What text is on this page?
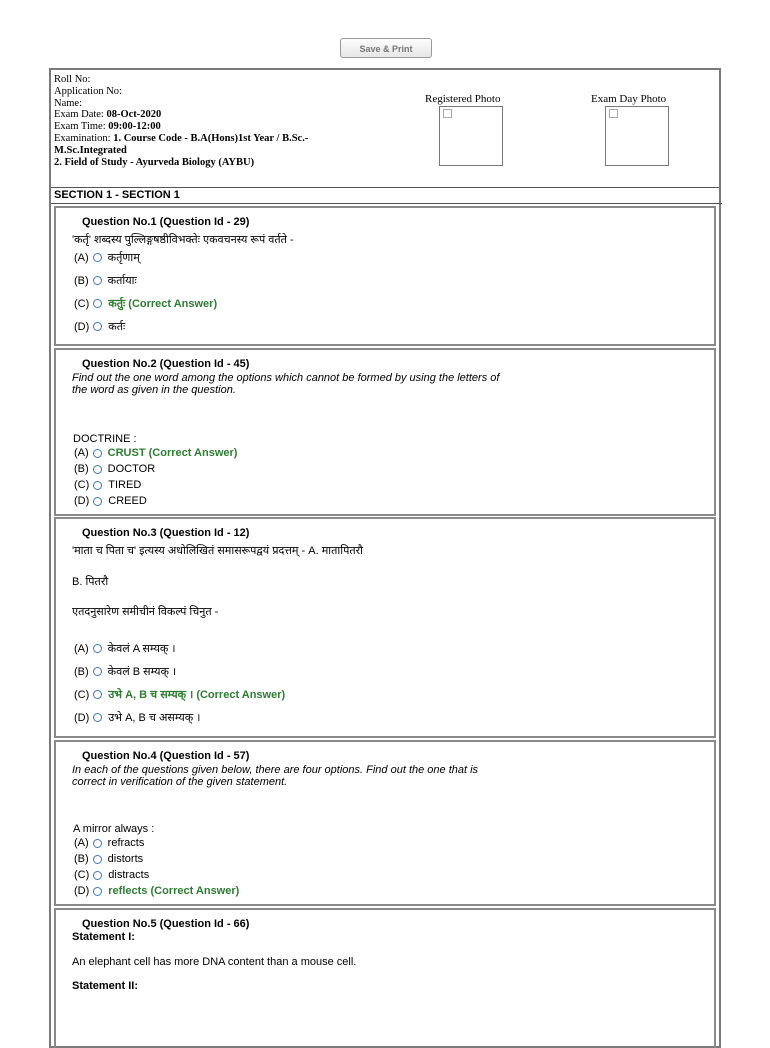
Save & Print
Roll No:
Application No:
Name:
Exam Date: 08-Oct-2020
Exam Time: 09:00-12:00
Examination: 1. Course Code - B.A(Hons)1st Year / B.Sc.-
M.Sc.Integrated
2. Field of Study - Ayurveda Biology (AYBU)
Registered Photo	Exam Day Photo
SECTION 1 - SECTION 1
Question No.1 (Question Id - 29)
'कर्तृ' शब्दस्य पुल्लिङ्गषष्ठीविभक्तेः एकवचनस्य रूपं वर्तते -
(A) कर्तृणाम्
(B) कर्तायाः
(C) कर्तुः (Correct Answer)
(D) कर्तः
Question No.2 (Question Id - 45)
Find out the one word among the options which cannot be formed by using the letters of
the word as given in the question.
DOCTRINE :
(A) CRUST (Correct Answer)
(B) DOCTOR
(C) TIRED
(D) CREED
Question No.3 (Question Id - 12)
'माता च पिता च' इत्यस्य अधोलिखितं समासरूपद्वयं प्रदत्तम् - A. मातापितरौ
B. पितरौ
एतदनुसारेण समीचीनं विकल्पं चिनुत -
(A) केवलं A सम्यक् ।
(B) केवलं B सम्यक् ।
(C) उभे A, B च सम्यक् । (Correct Answer)
(D) उभे A, B च असम्यक् ।
Question No.4 (Question Id - 57)
In each of the questions given below, there are four options. Find out the one that is
correct in verification of the given statement.
A mirror always :
(A) refracts
(B) distorts
(C) distracts
(D) reflects (Correct Answer)
Question No.5 (Question Id - 66)
Statement I:
An elephant cell has more DNA content than a mouse cell.
Statement II:
